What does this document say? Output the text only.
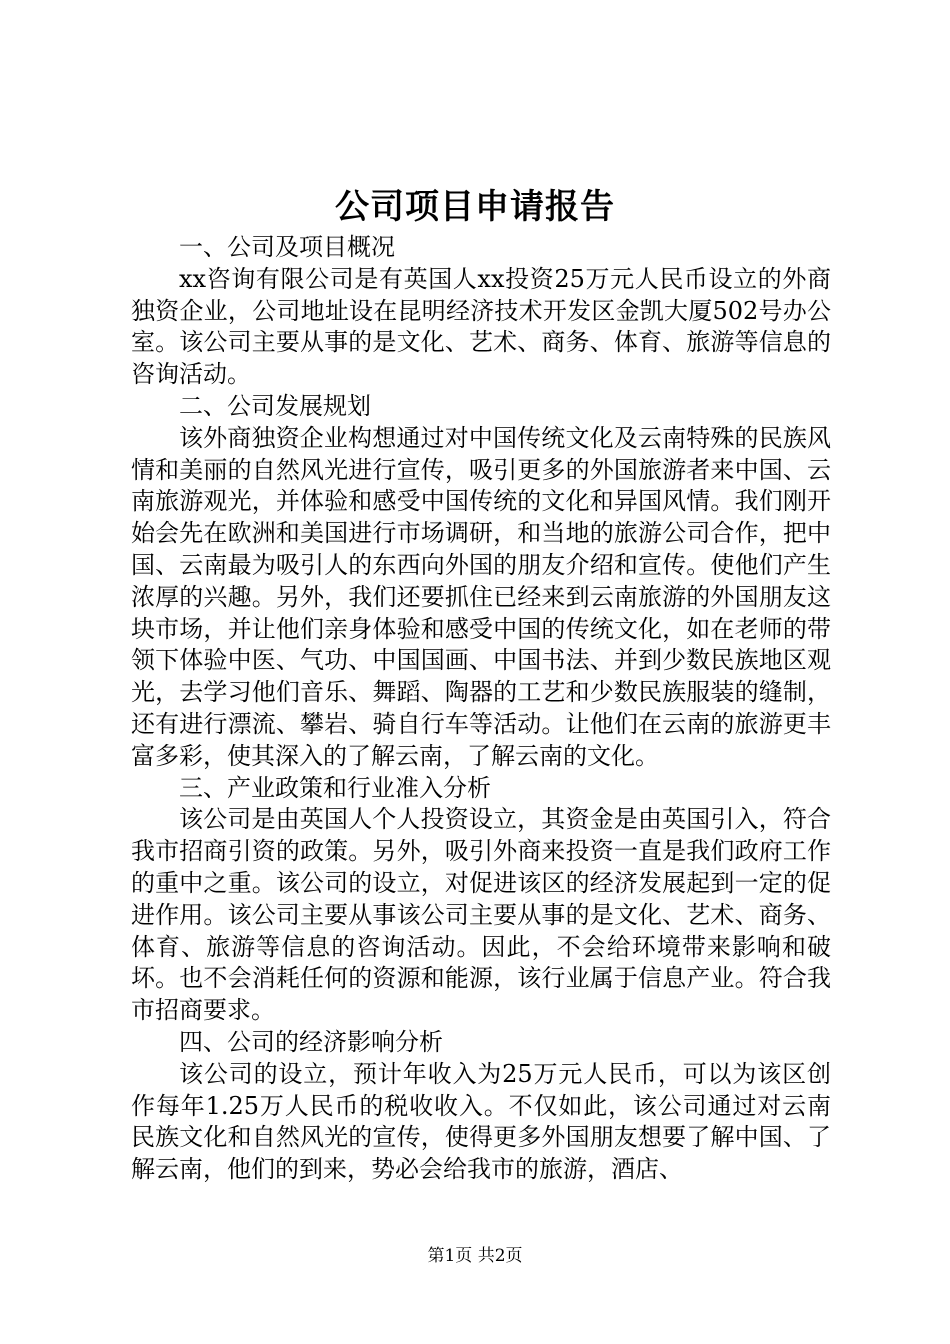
公司项目申请报告

一、公司及项目概况

xx咨询有限公司是有英国人xx投资25万元人民币设立的外商独资企业，公司地址设在昆明经济技术开发区金凯大厦502号办公室。该公司主要从事的是文化、艺术、商务、体育、旅游等信息的咨询活动。

二、公司发展规划

该外商独资企业构想通过对中国传统文化及云南特殊的民族风情和美丽的自然风光进行宣传，吸引更多的外国旅游者来中国、云南旅游观光，并体验和感受中国传统的文化和异国风情。我们刚开始会先在欧洲和美国进行市场调研，和当地的旅游公司合作，把中国、云南最为吸引人的东西向外国的朋友介绍和宣传。使他们产生浓厚的兴趣。另外，我们还要抓住已经来到云南旅游的外国朋友这块市场，并让他们亲身体验和感受中国的传统文化，如在老师的带领下体验中医、气功、中国国画、中国书法、并到少数民族地区观光，去学习他们音乐、舞蹈、陶器的工艺和少数民族服装的缝制，还有进行漂流、攀岩、骑自行车等活动。让他们在云南的旅游更丰富多彩，使其深入的了解云南，了解云南的文化。

三、产业政策和行业准入分析

该公司是由英国人个人投资设立，其资金是由英国引入，符合我市招商引资的政策。另外，吸引外商来投资一直是我们政府工作的重中之重。该公司的设立，对促进该区的经济发展起到一定的促进作用。该公司主要从事该公司主要从事的是文化、艺术、商务、体育、旅游等信息的咨询活动。因此，不会给环境带来影响和破坏。也不会消耗任何的资源和能源，该行业属于信息产业。符合我市招商要求。

四、公司的经济影响分析

该公司的设立，预计年收入为25万元人民币，可以为该区创作每年1.25万人民币的税收收入。不仅如此，该公司通过对云南民族文化和自然风光的宣传，使得更多外国朋友想要了解中国、了解云南，他们的到来，势必会给我市的旅游，酒店、

第1页 共2页
